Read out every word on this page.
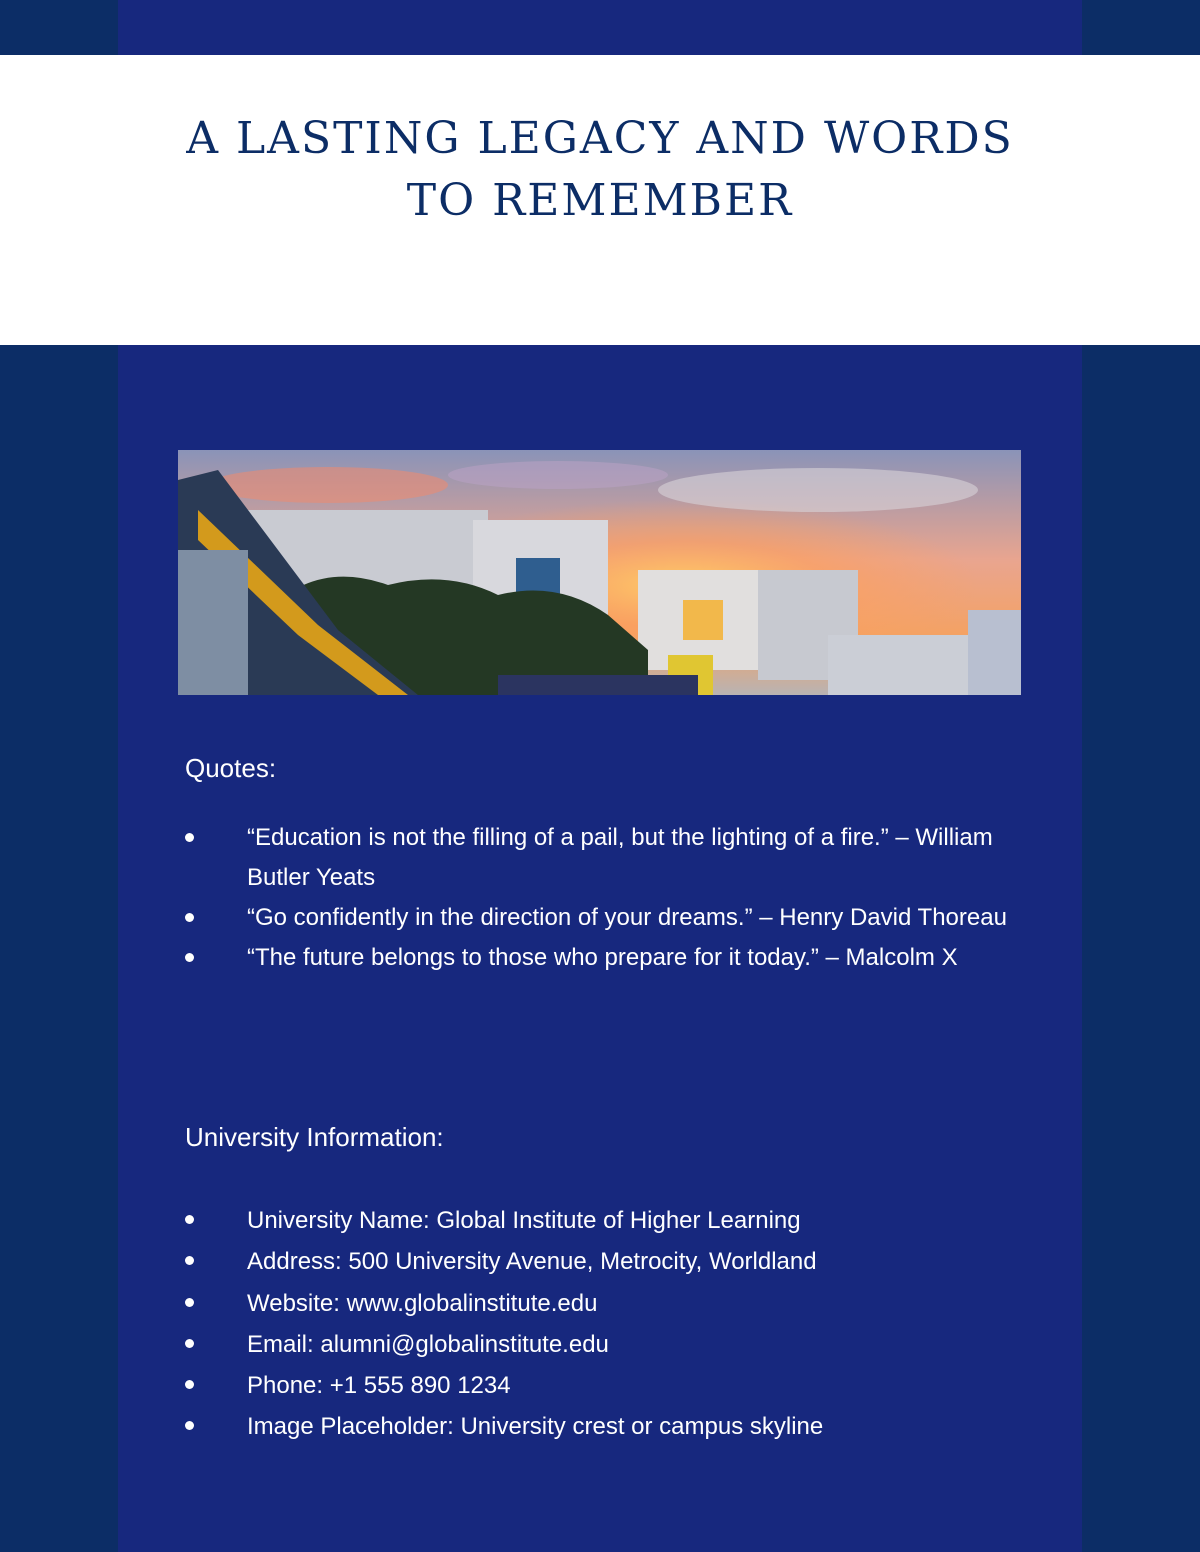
A LASTING LEGACY AND WORDS TO REMEMBER
Quotes:
“Education is not the filling of a pail, but the lighting of a fire.” – William Butler Yeats
“Go confidently in the direction of your dreams.” – Henry David Thoreau
“The future belongs to those who prepare for it today.” – Malcolm X
University Information:
University Name: Global Institute of Higher Learning
Address: 500 University Avenue, Metrocity, Worldland
Website: www.globalinstitute.edu
Email: alumni@globalinstitute.edu
Phone: +1 555 890 1234
Image Placeholder: University crest or campus skyline
